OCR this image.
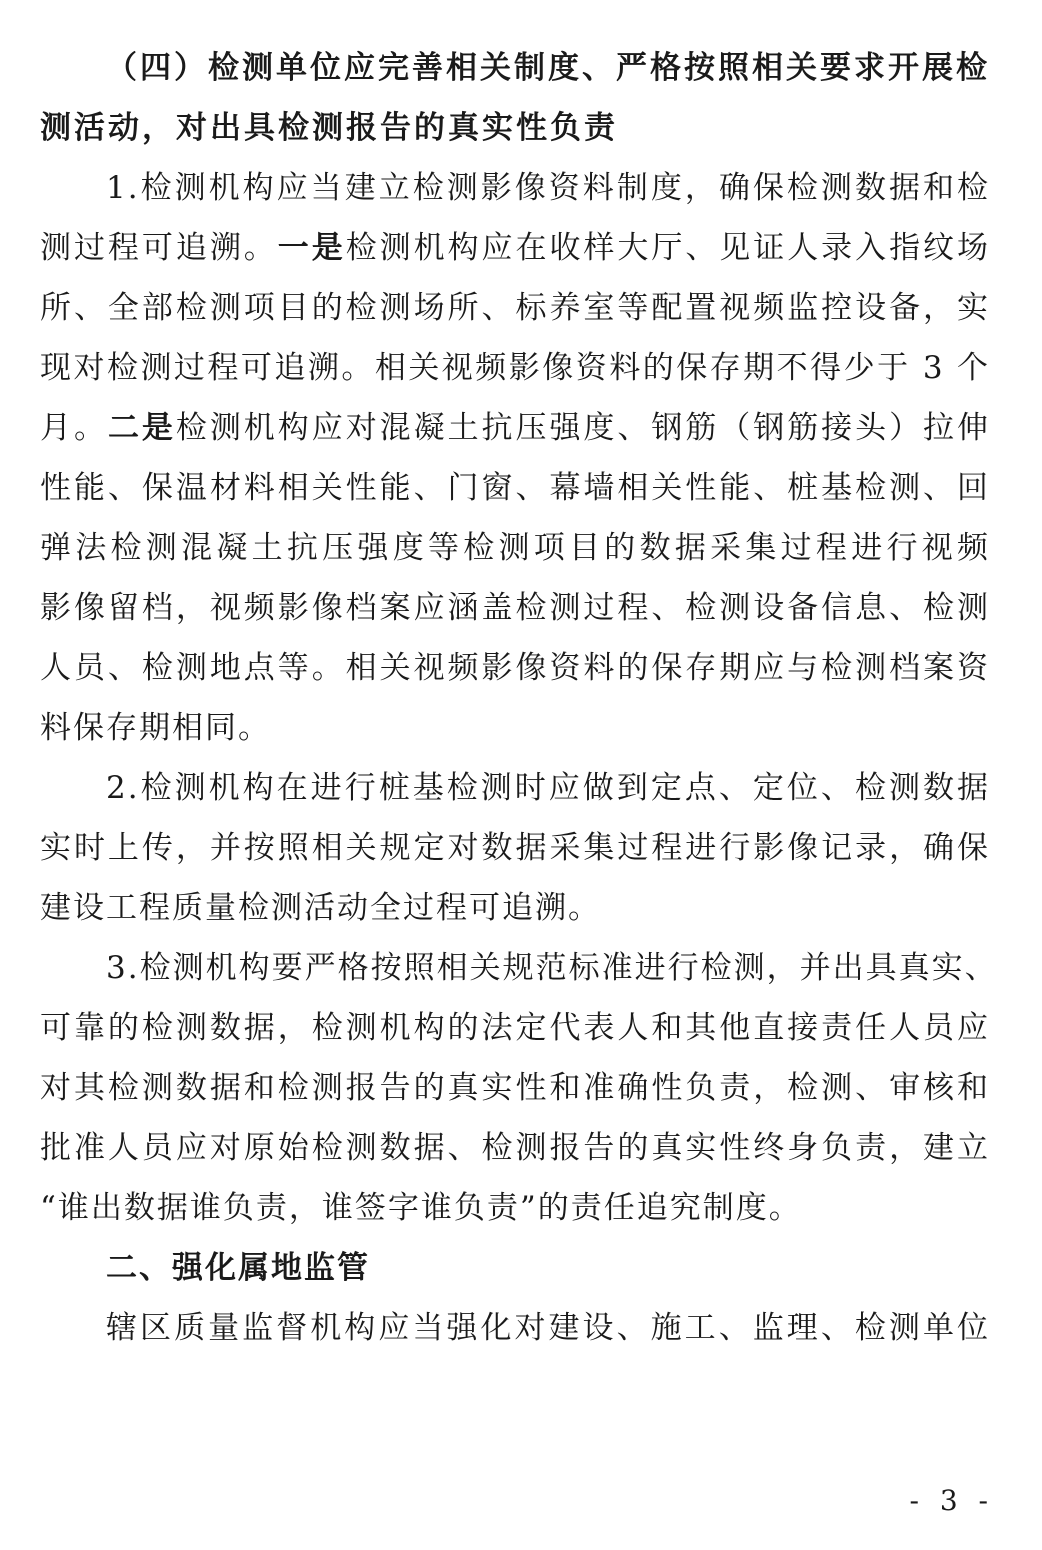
（四）检测单位应完善相关制度、严格按照相关要求开展检
测活动，对出具检测报告的真实性负责
1.检测机构应当建立检测影像资料制度，确保检测数据和检
测过程可追溯。一是检测机构应在收样大厅、见证人录入指纹场
所、全部检测项目的检测场所、标养室等配置视频监控设备，实
现对检测过程可追溯。相关视频影像资料的保存期不得少于 3 个
月。二是检测机构应对混凝土抗压强度、钢筋（钢筋接头）拉伸
性能、保温材料相关性能、门窗、幕墙相关性能、桩基检测、回
弹法检测混凝土抗压强度等检测项目的数据采集过程进行视频
影像留档，视频影像档案应涵盖检测过程、检测设备信息、检测
人员、检测地点等。相关视频影像资料的保存期应与检测档案资
料保存期相同。
2.检测机构在进行桩基检测时应做到定点、定位、检测数据
实时上传，并按照相关规定对数据采集过程进行影像记录，确保
建设工程质量检测活动全过程可追溯。
3.检测机构要严格按照相关规范标准进行检测，并出具真实、
可靠的检测数据，检测机构的法定代表人和其他直接责任人员应
对其检测数据和检测报告的真实性和准确性负责，检测、审核和
批准人员应对原始检测数据、检测报告的真实性终身负责，建立
“谁出数据谁负责，谁签字谁负责”的责任追究制度。
二、强化属地监管
辖区质量监督机构应当强化对建设、施工、监理、检测单位
- 3 -
